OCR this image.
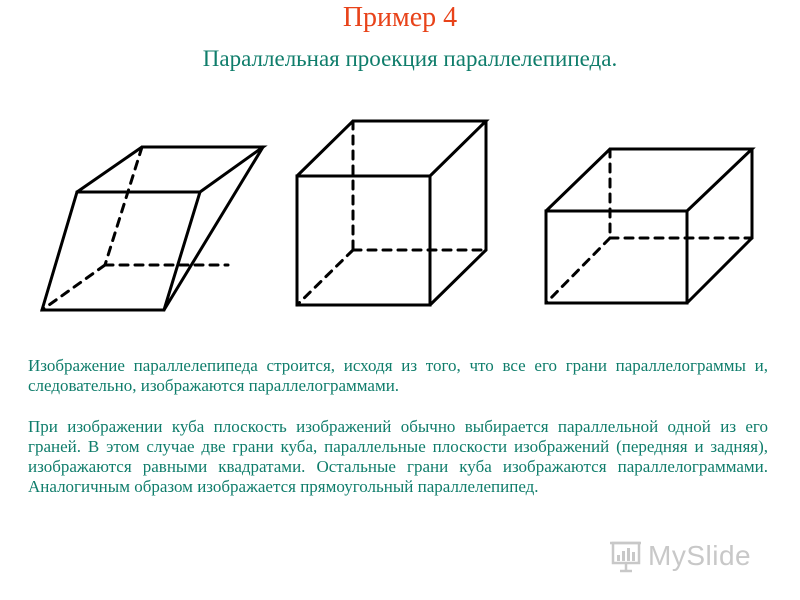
Пример 4
Параллельная проекция параллелепипеда.

Изображение параллелепипеда строится, исходя из того, что все его грани параллелограммы и, следовательно, изображаются параллелограммами.

При изображении куба плоскость изображений обычно выбирается параллельной одной из его граней. В этом случае две грани куба, параллельные плоскости изображений (передняя и задняя), изображаются равными квадратами. Остальные грани куба изображаются параллелограммами. Аналогичным образом изображается прямоугольный параллелепипед.

MySlide
